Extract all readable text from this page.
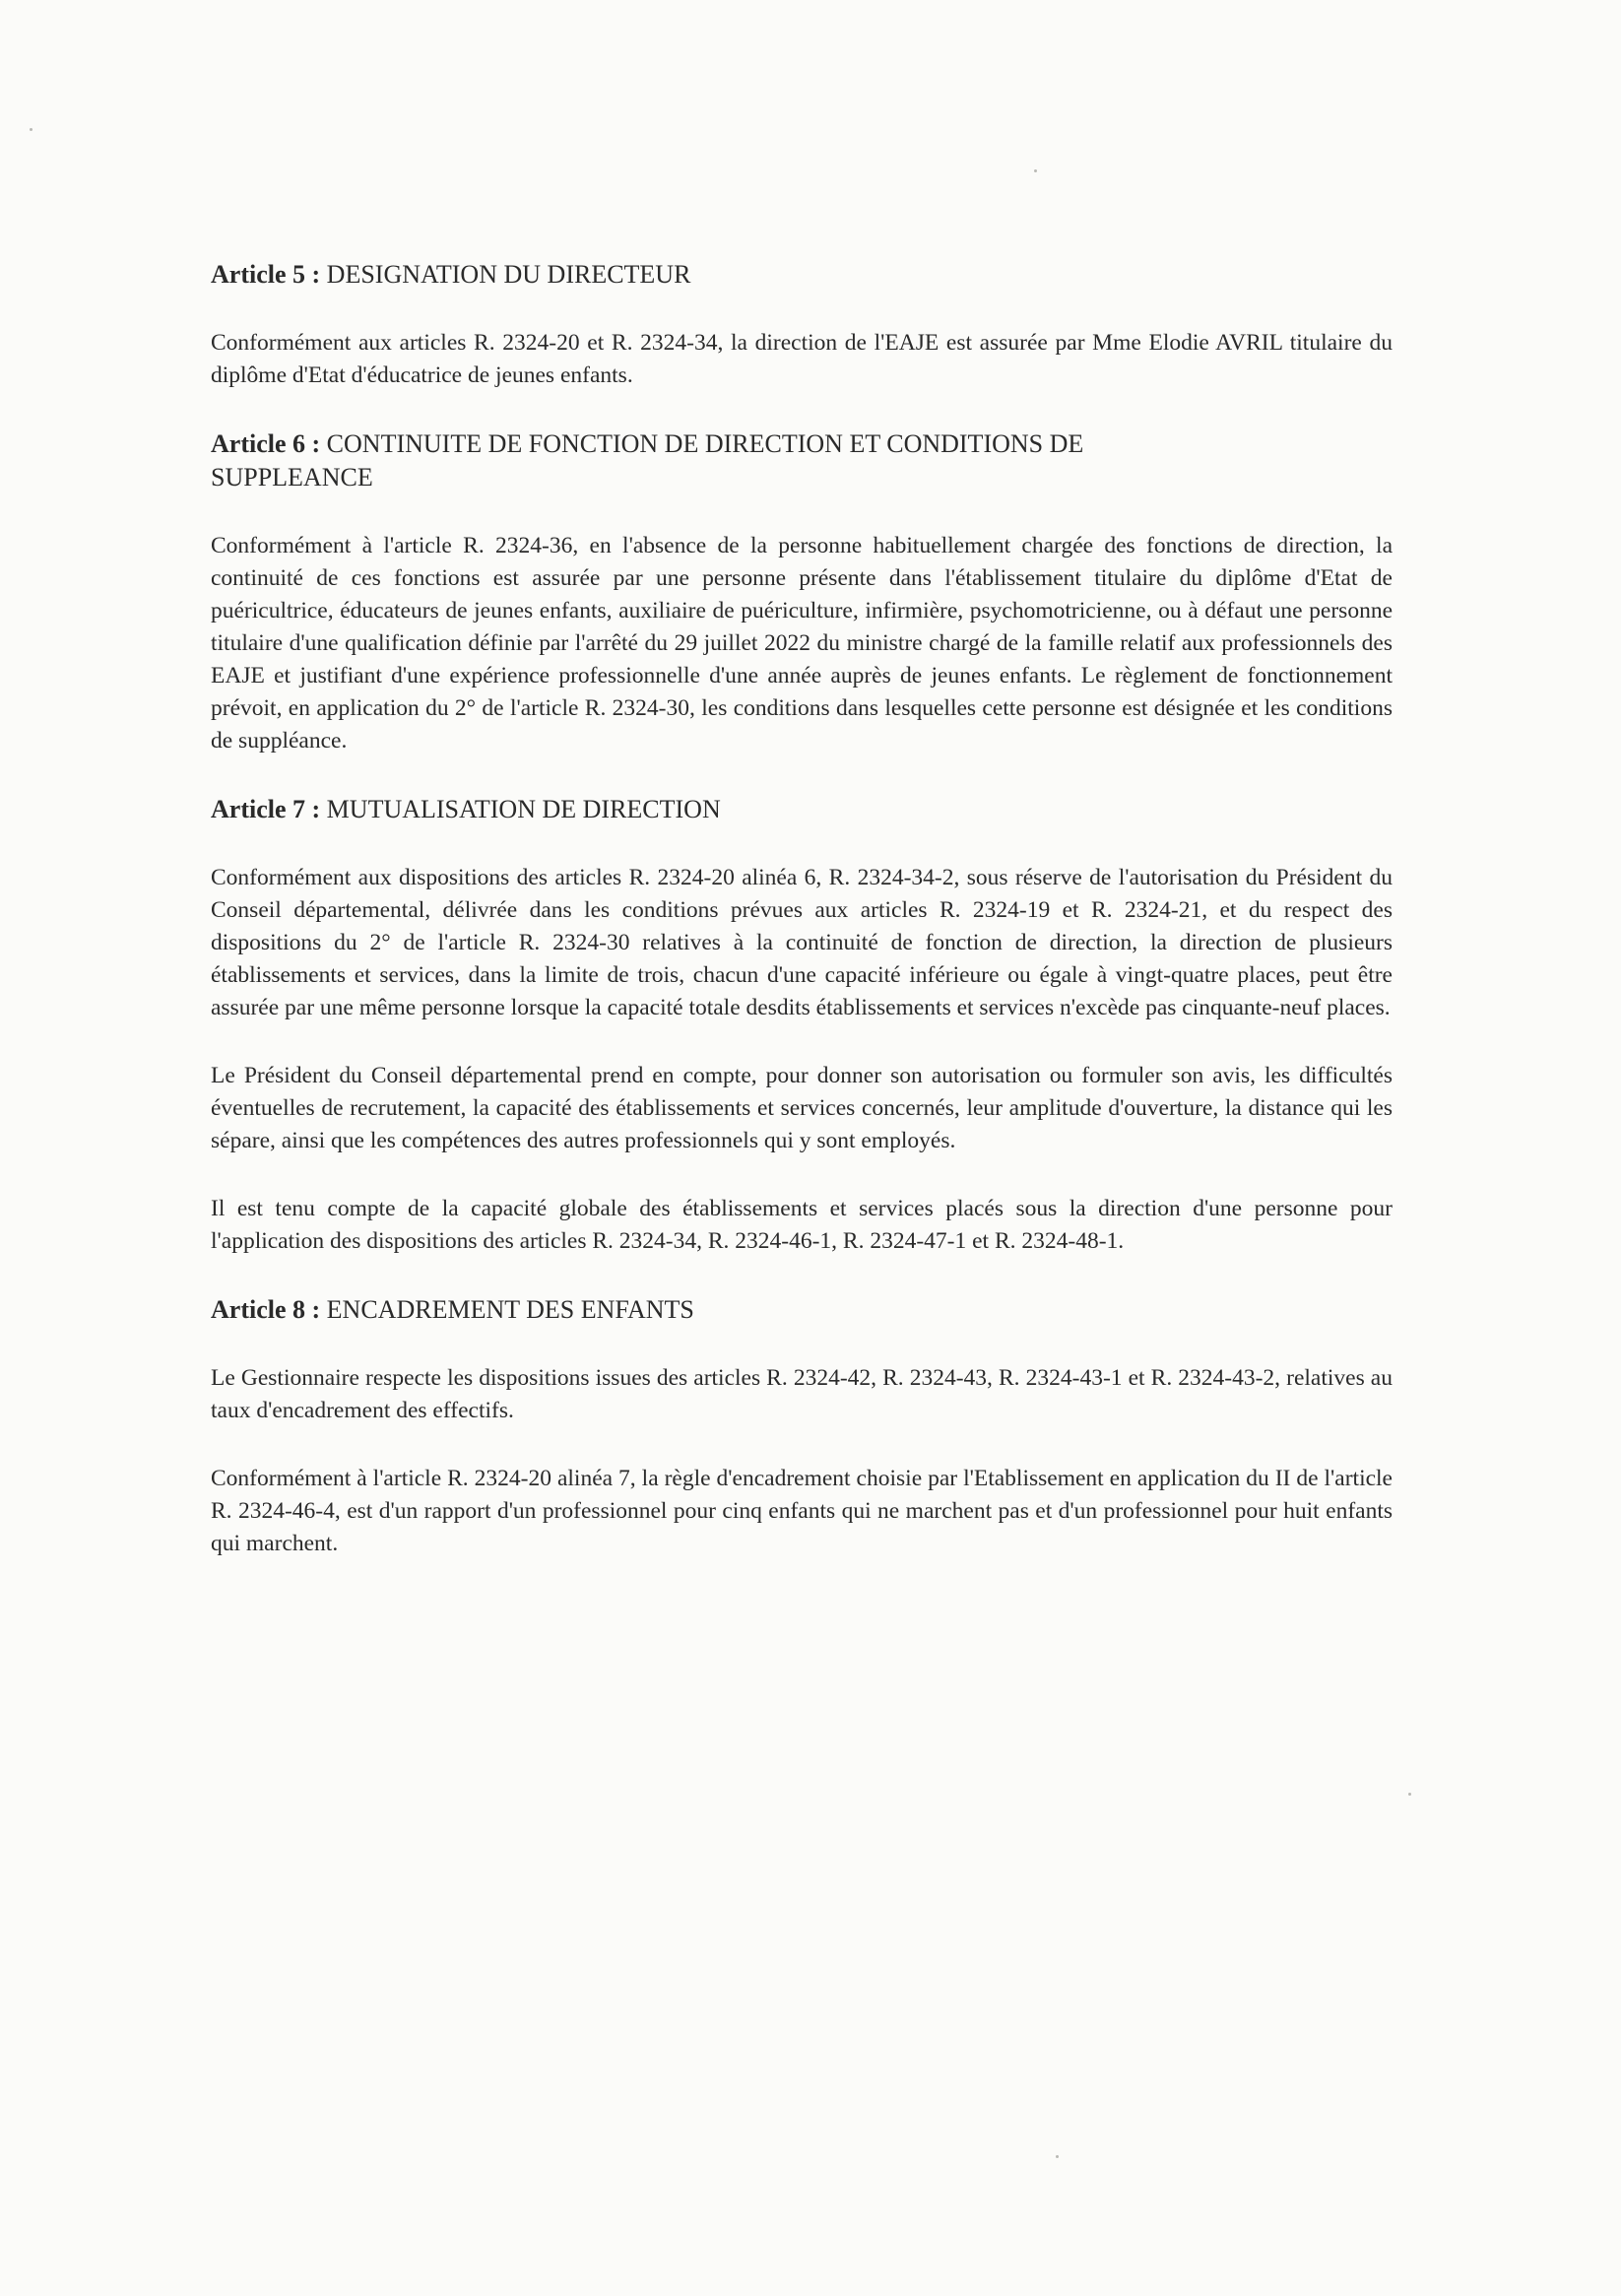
Article 5 : DESIGNATION DU DIRECTEUR

Conformément aux articles R. 2324-20 et R. 2324-34, la direction de l'EAJE est assurée par Mme Elodie AVRIL titulaire du diplôme d'Etat d'éducatrice de jeunes enfants.

Article 6 : CONTINUITE DE FONCTION DE DIRECTION ET CONDITIONS DE SUPPLEANCE

Conformément à l'article R. 2324-36, en l'absence de la personne habituellement chargée des fonctions de direction, la continuité de ces fonctions est assurée par une personne présente dans l'établissement titulaire du diplôme d'Etat de puéricultrice, éducateurs de jeunes enfants, auxiliaire de puériculture, infirmière, psychomotricienne, ou à défaut une personne titulaire d'une qualification définie par l'arrêté du 29 juillet 2022 du ministre chargé de la famille relatif aux professionnels des EAJE et justifiant d'une expérience professionnelle d'une année auprès de jeunes enfants. Le règlement de fonctionnement prévoit, en application du 2° de l'article R. 2324-30, les conditions dans lesquelles cette personne est désignée et les conditions de suppléance.

Article 7 : MUTUALISATION DE DIRECTION

Conformément aux dispositions des articles R. 2324-20 alinéa 6, R. 2324-34-2, sous réserve de l'autorisation du Président du Conseil départemental, délivrée dans les conditions prévues aux articles R. 2324-19 et R. 2324-21, et du respect des dispositions du 2° de l'article R. 2324-30 relatives à la continuité de fonction de direction, la direction de plusieurs établissements et services, dans la limite de trois, chacun d'une capacité inférieure ou égale à vingt-quatre places, peut être assurée par une même personne lorsque la capacité totale desdits établissements et services n'excède pas cinquante-neuf places.

Le Président du Conseil départemental prend en compte, pour donner son autorisation ou formuler son avis, les difficultés éventuelles de recrutement, la capacité des établissements et services concernés, leur amplitude d'ouverture, la distance qui les sépare, ainsi que les compétences des autres professionnels qui y sont employés.

Il est tenu compte de la capacité globale des établissements et services placés sous la direction d'une personne pour l'application des dispositions des articles R. 2324-34, R. 2324-46-1, R. 2324-47-1 et R. 2324-48-1.

Article 8 : ENCADREMENT DES ENFANTS

Le Gestionnaire respecte les dispositions issues des articles R. 2324-42, R. 2324-43, R. 2324-43-1 et R. 2324-43-2, relatives au taux d'encadrement des effectifs.

Conformément à l'article R. 2324-20 alinéa 7, la règle d'encadrement choisie par l'Etablissement en application du II de l'article R. 2324-46-4, est d'un rapport d'un professionnel pour cinq enfants qui ne marchent pas et d'un professionnel pour huit enfants qui marchent.
